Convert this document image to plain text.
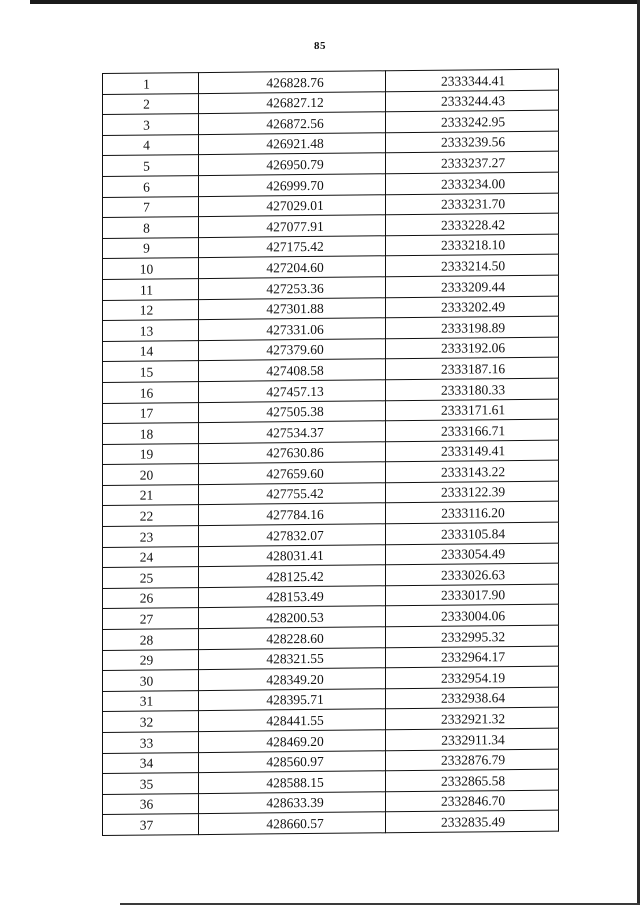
85
1	426828.76	2333344.41
2	426827.12	2333244.43
3	426872.56	2333242.95
4	426921.48	2333239.56
5	426950.79	2333237.27
6	426999.70	2333234.00
7	427029.01	2333231.70
8	427077.91	2333228.42
9	427175.42	2333218.10
10	427204.60	2333214.50
11	427253.36	2333209.44
12	427301.88	2333202.49
13	427331.06	2333198.89
14	427379.60	2333192.06
15	427408.58	2333187.16
16	427457.13	2333180.33
17	427505.38	2333171.61
18	427534.37	2333166.71
19	427630.86	2333149.41
20	427659.60	2333143.22
21	427755.42	2333122.39
22	427784.16	2333116.20
23	427832.07	2333105.84
24	428031.41	2333054.49
25	428125.42	2333026.63
26	428153.49	2333017.90
27	428200.53	2333004.06
28	428228.60	2332995.32
29	428321.55	2332964.17
30	428349.20	2332954.19
31	428395.71	2332938.64
32	428441.55	2332921.32
33	428469.20	2332911.34
34	428560.97	2332876.79
35	428588.15	2332865.58
36	428633.39	2332846.70
37	428660.57	2332835.49
